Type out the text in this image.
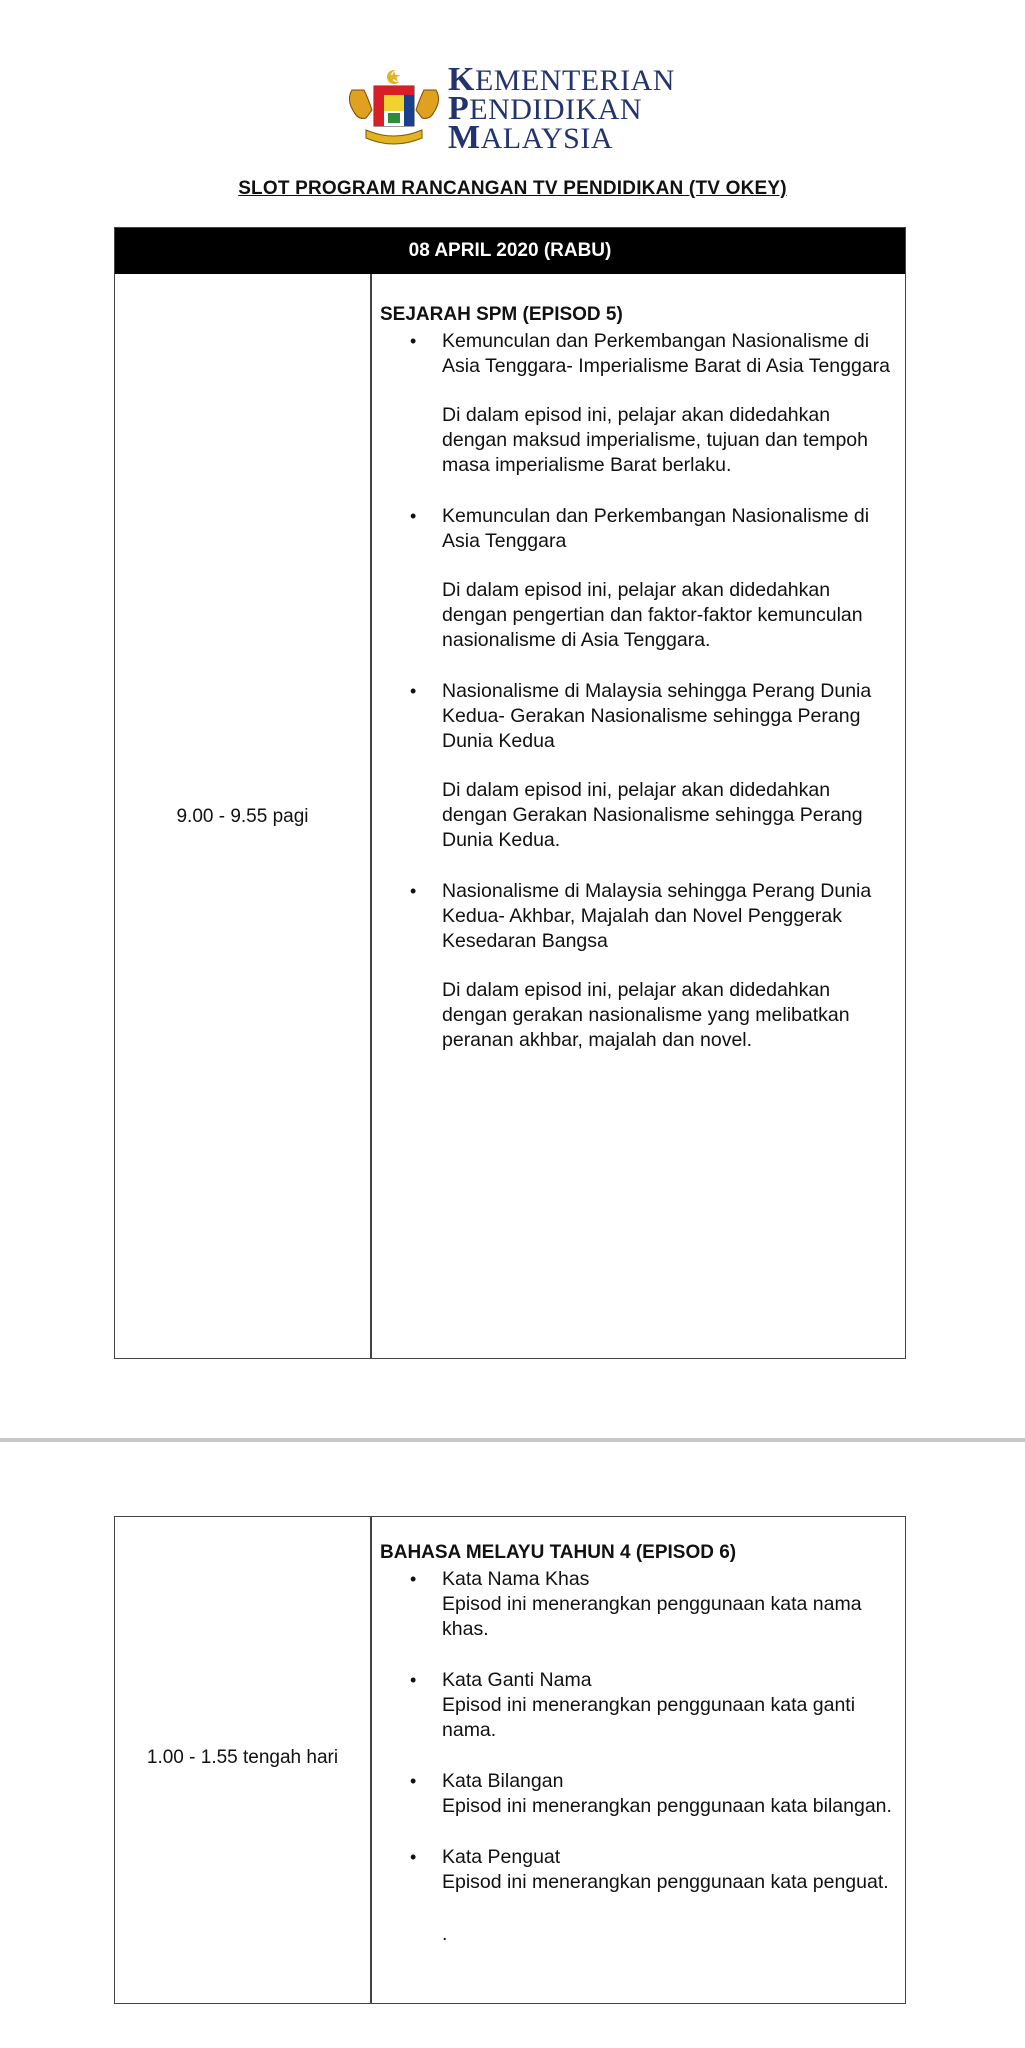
KEMENTERIAN
PENDIDIKAN
MALAYSIA
SLOT PROGRAM RANCANGAN TV PENDIDIKAN (TV OKEY)
08 APRIL 2020 (RABU)
9.00 - 9.55 pagi
SEJARAH SPM (EPISOD 5)
• Kemunculan dan Perkembangan Nasionalisme di Asia Tenggara- Imperialisme Barat di Asia Tenggara
Di dalam episod ini, pelajar akan didedahkan dengan maksud imperialisme, tujuan dan tempoh masa imperialisme Barat berlaku.
• Kemunculan dan Perkembangan Nasionalisme di Asia Tenggara
Di dalam episod ini, pelajar akan didedahkan dengan pengertian dan faktor-faktor kemunculan nasionalisme di Asia Tenggara.
• Nasionalisme di Malaysia sehingga Perang Dunia Kedua- Gerakan Nasionalisme sehingga Perang Dunia Kedua
Di dalam episod ini, pelajar akan didedahkan dengan Gerakan Nasionalisme sehingga Perang Dunia Kedua.
• Nasionalisme di Malaysia sehingga Perang Dunia Kedua- Akhbar, Majalah dan Novel Penggerak Kesedaran Bangsa
Di dalam episod ini, pelajar akan didedahkan dengan gerakan nasionalisme yang melibatkan peranan akhbar, majalah dan novel.
1.00 - 1.55 tengah hari
BAHASA MELAYU TAHUN 4 (EPISOD 6)
• Kata Nama Khas
Episod ini menerangkan penggunaan kata nama khas.
• Kata Ganti Nama
Episod ini menerangkan penggunaan kata ganti nama.
• Kata Bilangan
Episod ini menerangkan penggunaan kata bilangan.
• Kata Penguat
Episod ini menerangkan penggunaan kata penguat.
.
